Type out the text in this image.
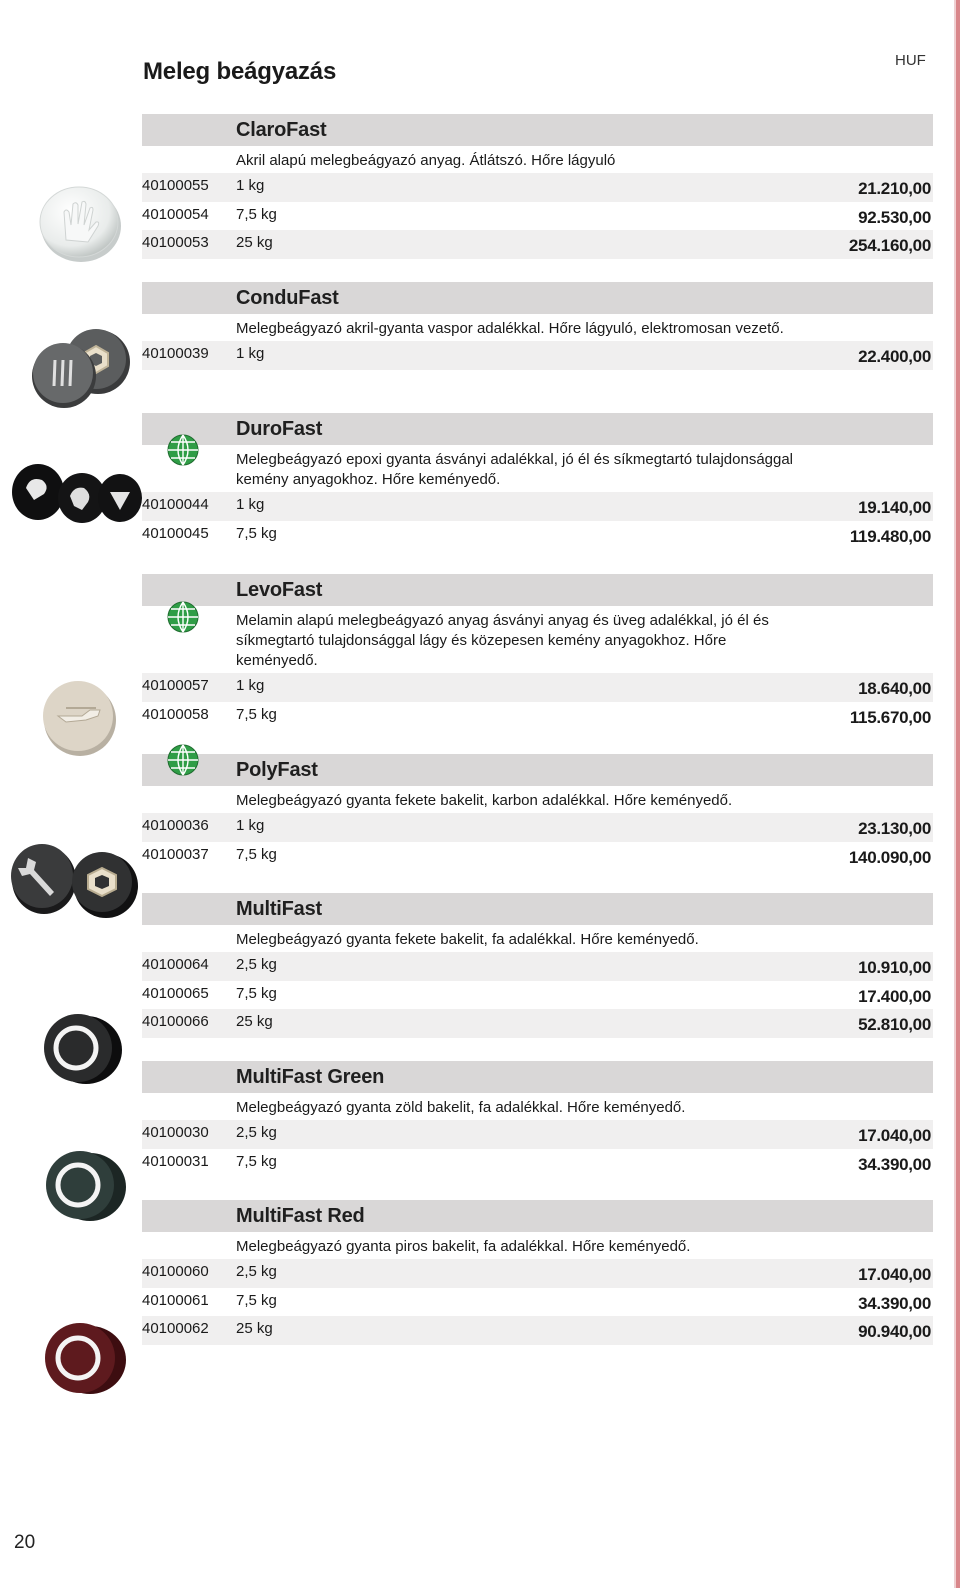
Meleg beágyazás	HUF
ClaroFast
Akril alapú melegbeágyazó anyag. Átlátszó. Hőre lágyuló
40100055 1 kg	21.210,00
40100054 7,5 kg	92.530,00
40100053 25 kg	254.160,00
ConduFast
Melegbeágyazó akril-gyanta vaspor adalékkal. Hőre lágyuló, elektromosan vezető.
40100039 1 kg	22.400,00
DuroFast
Melegbeágyazó epoxi gyanta ásványi adalékkal, jó él és síkmegtartó tulajdonsággal kemény anyagokhoz. Hőre keményedő.
40100044 1 kg	19.140,00
40100045 7,5 kg	119.480,00
LevoFast
Melamin alapú melegbeágyazó anyag ásványi anyag és üveg adalékkal, jó él és síkmegtartó tulajdonsággal lágy és közepesen kemény anyagokhoz. Hőre keményedő.
40100057 1 kg	18.640,00
40100058 7,5 kg	115.670,00
PolyFast
Melegbeágyazó gyanta fekete bakelit, karbon adalékkal. Hőre keményedő.
40100036 1 kg	23.130,00
40100037 7,5 kg	140.090,00
MultiFast
Melegbeágyazó gyanta fekete bakelit, fa adalékkal. Hőre keményedő.
40100064 2,5 kg	10.910,00
40100065 7,5 kg	17.400,00
40100066 25 kg	52.810,00
MultiFast Green
Melegbeágyazó gyanta zöld bakelit, fa adalékkal. Hőre keményedő.
40100030 2,5 kg	17.040,00
40100031 7,5 kg	34.390,00
MultiFast Red
Melegbeágyazó gyanta piros bakelit, fa adalékkal. Hőre keményedő.
40100060 2,5 kg	17.040,00
40100061 7,5 kg	34.390,00
40100062 25 kg	90.940,00
20
